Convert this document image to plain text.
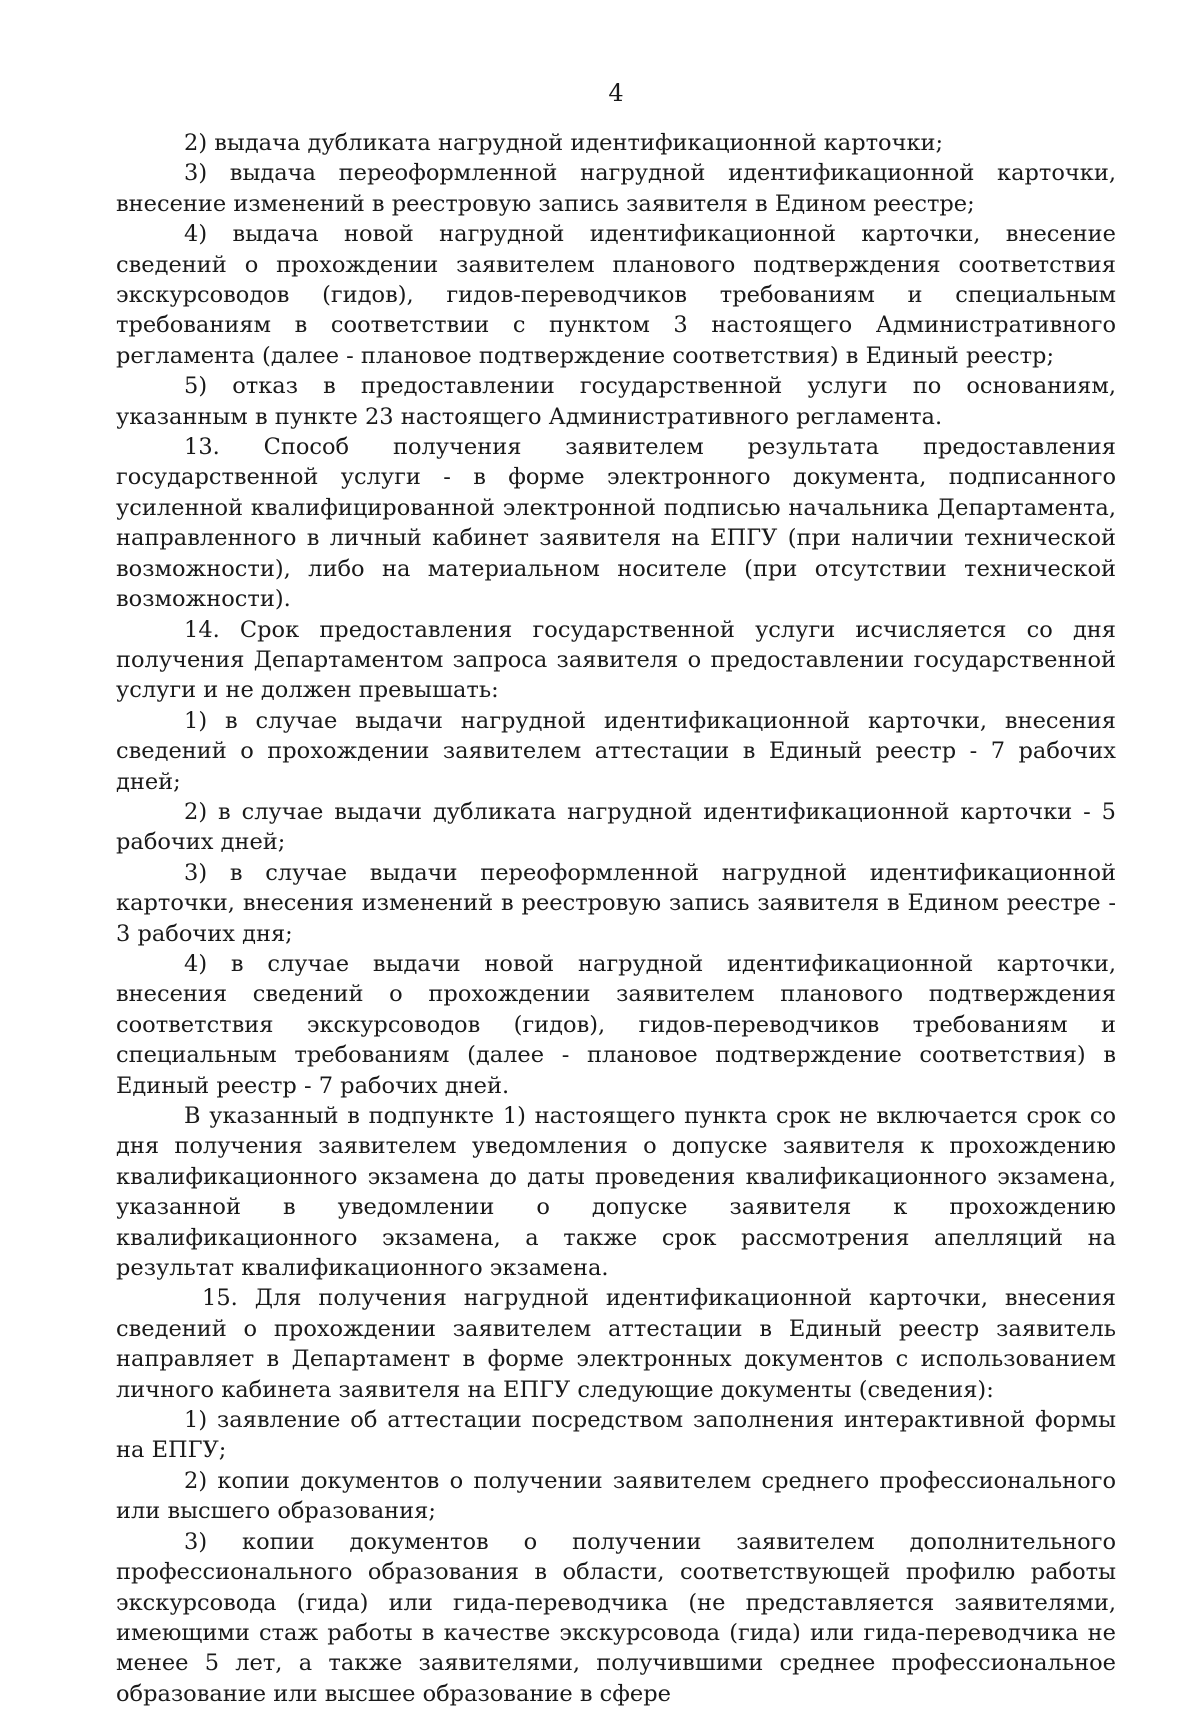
4

2) выдача дубликата нагрудной идентификационной карточки;

3) выдача переоформленной нагрудной идентификационной карточки, внесение изменений в реестровую запись заявителя в Едином реестре;

4) выдача новой нагрудной идентификационной карточки, внесение сведений о прохождении заявителем планового подтверждения соответствия экскурсоводов (гидов), гидов-переводчиков требованиям и специальным требованиям в соответствии с пунктом 3 настоящего Административного регламента (далее - плановое подтверждение соответствия) в Единый реестр;

5) отказ в предоставлении государственной услуги по основаниям, указанным в пункте 23 настоящего Административного регламента.

13. Способ получения заявителем результата предоставления государственной услуги - в форме электронного документа, подписанного усиленной квалифицированной электронной подписью начальника Департамента, направленного в личный кабинет заявителя на ЕПГУ (при наличии технической возможности), либо на материальном носителе (при отсутствии технической возможности).

14. Срок предоставления государственной услуги исчисляется со дня получения Департаментом запроса заявителя о предоставлении государственной услуги и не должен превышать:

1) в случае выдачи нагрудной идентификационной карточки, внесения сведений о прохождении заявителем аттестации в Единый реестр - 7 рабочих дней;

2) в случае выдачи дубликата нагрудной идентификационной карточки - 5 рабочих дней;

3) в случае выдачи переоформленной нагрудной идентификационной карточки, внесения изменений в реестровую запись заявителя в Едином реестре - 3 рабочих дня;

4) в случае выдачи новой нагрудной идентификационной карточки, внесения сведений о прохождении заявителем планового подтверждения соответствия экскурсоводов (гидов), гидов-переводчиков требованиям и специальным требованиям (далее - плановое подтверждение соответствия) в Единый реестр - 7 рабочих дней.

В указанный в подпункте 1) настоящего пункта срок не включается срок со дня получения заявителем уведомления о допуске заявителя к прохождению квалификационного экзамена до даты проведения квалификационного экзамена, указанной в уведомлении о допуске заявителя к прохождению квалификационного экзамена, а также срок рассмотрения апелляций на результат квалификационного экзамена.

15. Для получения нагрудной идентификационной карточки, внесения сведений о прохождении заявителем аттестации в Единый реестр заявитель направляет в Департамент в форме электронных документов с использованием личного кабинета заявителя на ЕПГУ следующие документы (сведения):

1) заявление об аттестации посредством заполнения интерактивной формы на ЕПГУ;

2) копии документов о получении заявителем среднего профессионального или высшего образования;

3) копии документов о получении заявителем дополнительного профессионального образования в области, соответствующей профилю работы экскурсовода (гида) или гида-переводчика (не представляется заявителями, имеющими стаж работы в качестве экскурсовода (гида) или гида-переводчика не менее 5 лет, а также заявителями, получившими среднее профессиональное образование или высшее образование в сфере
